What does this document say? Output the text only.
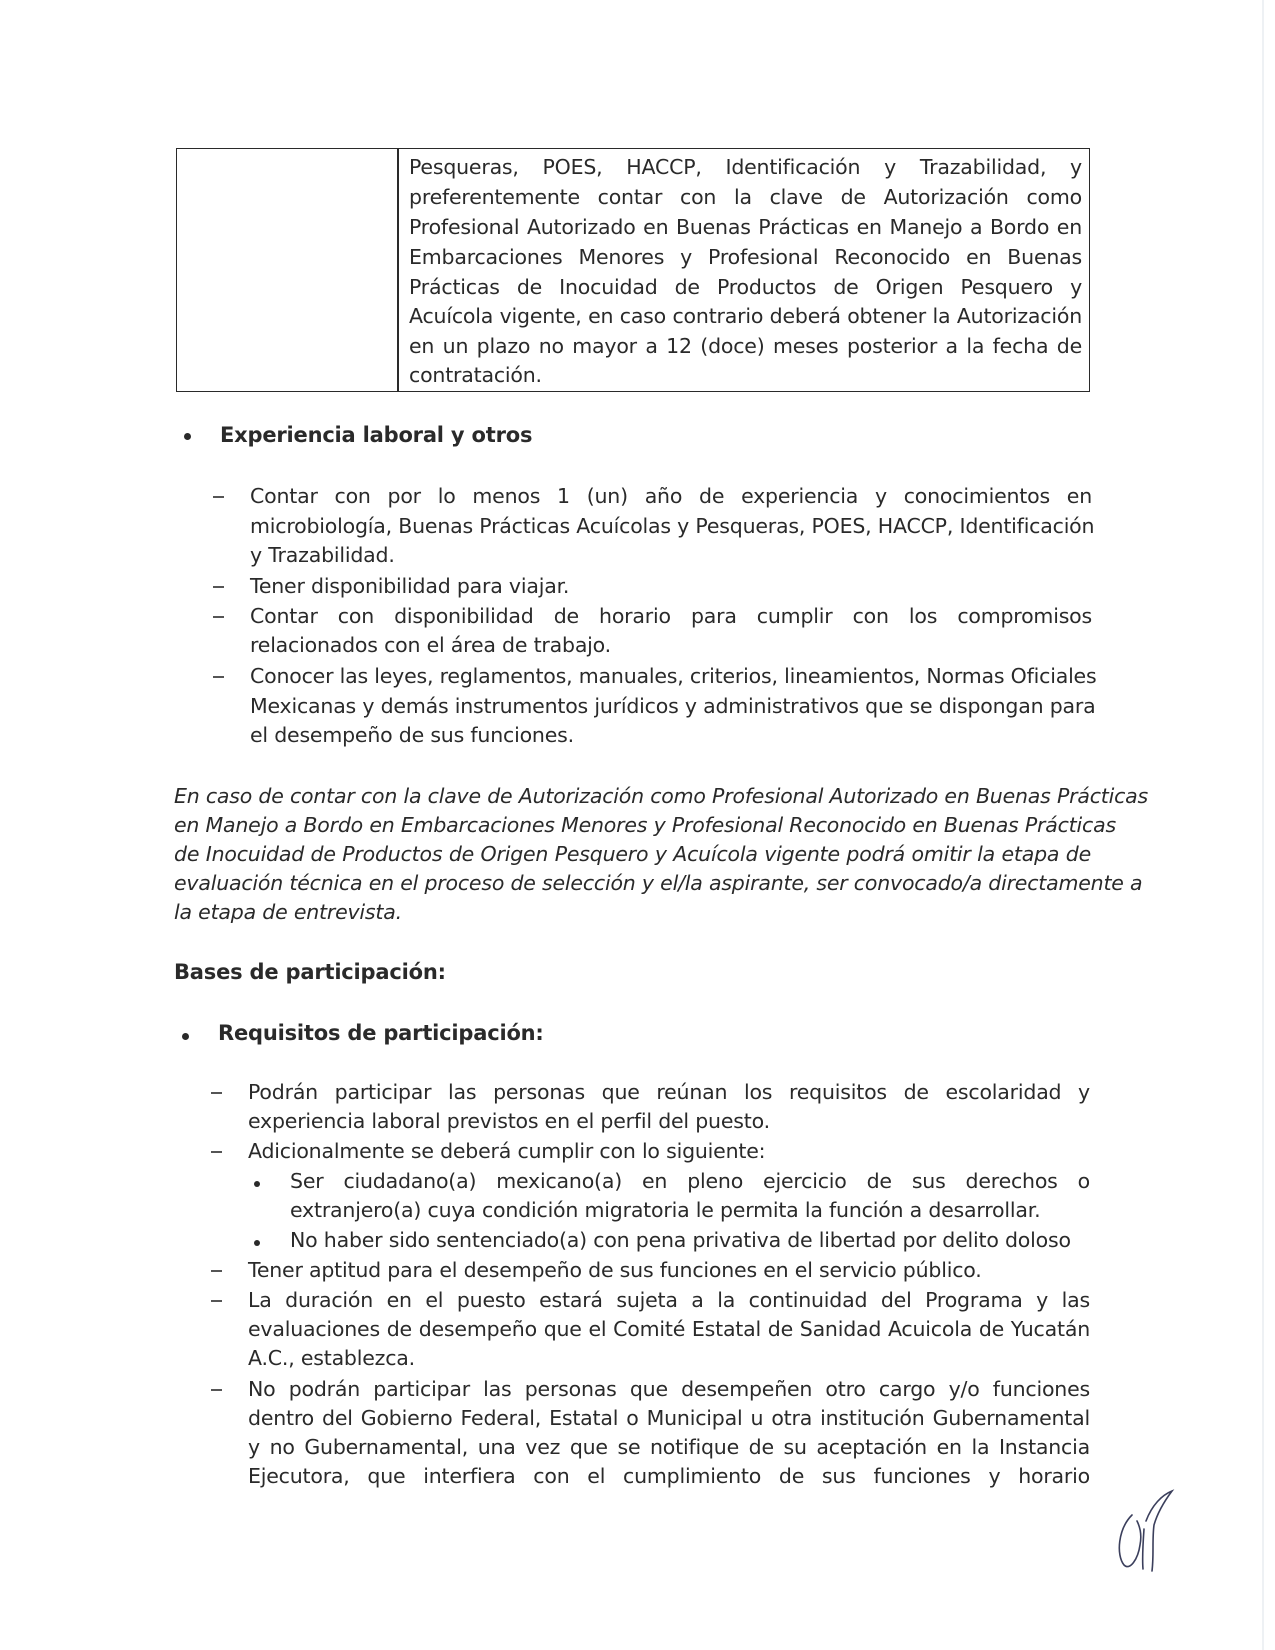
Pesqueras, POES, HACCP, Identificación y Trazabilidad, y
preferentemente contar con la clave de Autorización como
Profesional Autorizado en Buenas Prácticas en Manejo a Bordo en
Embarcaciones Menores y Profesional Reconocido en Buenas
Prácticas de Inocuidad de Productos de Origen Pesquero y
Acuícola vigente, en caso contrario deberá obtener la Autorización
en un plazo no mayor a 12 (doce) meses posterior a la fecha de
contratación.
Experiencia laboral y otros
Contar con por lo menos 1 (un) año de experiencia y conocimientos en
microbiología, Buenas Prácticas Acuícolas y Pesqueras, POES, HACCP, Identificación
y Trazabilidad.
Tener disponibilidad para viajar.
Contar con disponibilidad de horario para cumplir con los compromisos
relacionados con el área de trabajo.
Conocer las leyes, reglamentos, manuales, criterios, lineamientos, Normas Oficiales
Mexicanas y demás instrumentos jurídicos y administrativos que se dispongan para
el desempeño de sus funciones.
En caso de contar con la clave de Autorización como Profesional Autorizado en Buenas Prácticas
en Manejo a Bordo en Embarcaciones Menores y Profesional Reconocido en Buenas Prácticas
de Inocuidad de Productos de Origen Pesquero y Acuícola vigente podrá omitir la etapa de
evaluación técnica en el proceso de selección y el/la aspirante, ser convocado/a directamente a
la etapa de entrevista.
Bases de participación:
Requisitos de participación:
Podrán participar las personas que reúnan los requisitos de escolaridad y
experiencia laboral previstos en el perfil del puesto.
Adicionalmente se deberá cumplir con lo siguiente:
Ser ciudadano(a) mexicano(a) en pleno ejercicio de sus derechos o
extranjero(a) cuya condición migratoria le permita la función a desarrollar.
No haber sido sentenciado(a) con pena privativa de libertad por delito doloso
Tener aptitud para el desempeño de sus funciones en el servicio público.
La duración en el puesto estará sujeta a la continuidad del Programa y las
evaluaciones de desempeño que el Comité Estatal de Sanidad Acuicola de Yucatán
A.C., establezca.
No podrán participar las personas que desempeñen otro cargo y/o funciones
dentro del Gobierno Federal, Estatal o Municipal u otra institución Gubernamental
y no Gubernamental, una vez que se notifique de su aceptación en la Instancia
Ejecutora, que interfiera con el cumplimiento de sus funciones y horario
